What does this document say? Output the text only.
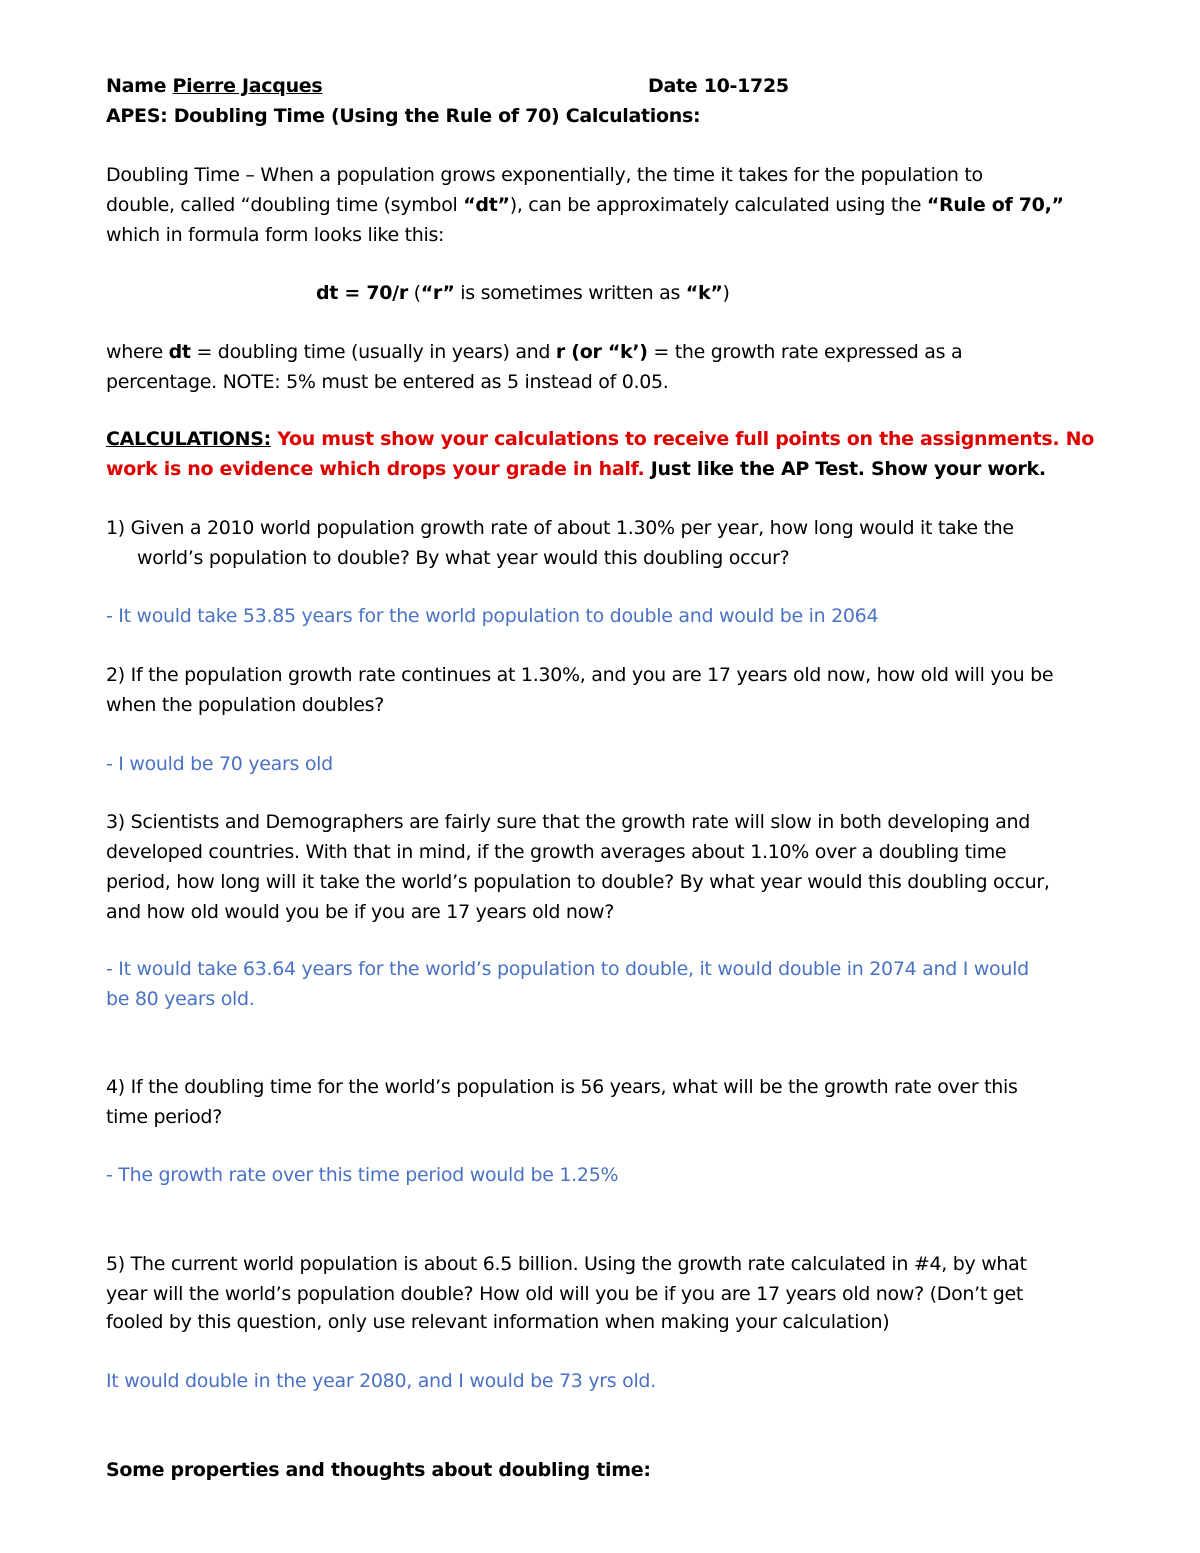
Name Pierre Jacques	Date 10-1725
APES: Doubling Time (Using the Rule of 70) Calculations:
Doubling Time – When a population grows exponentially, the time it takes for the population to
double, called “doubling time (symbol “dt”), can be approximately calculated using the “Rule of 70,”
which in formula form looks like this:
dt = 70/r (“r” is sometimes written as “k”)
where dt = doubling time (usually in years) and r (or “k’) = the growth rate expressed as a
percentage. NOTE: 5% must be entered as 5 instead of 0.05.
CALCULATIONS: You must show your calculations to receive full points on the assignments. No
work is no evidence which drops your grade in half. Just like the AP Test. Show your work.
1) Given a 2010 world population growth rate of about 1.30% per year, how long would it take the
world’s population to double? By what year would this doubling occur?
- It would take 53.85 years for the world population to double and would be in 2064
2) If the population growth rate continues at 1.30%, and you are 17 years old now, how old will you be
when the population doubles?
- I would be 70 years old
3) Scientists and Demographers are fairly sure that the growth rate will slow in both developing and
developed countries. With that in mind, if the growth averages about 1.10% over a doubling time
period, how long will it take the world’s population to double? By what year would this doubling occur,
and how old would you be if you are 17 years old now?
- It would take 63.64 years for the world’s population to double, it would double in 2074 and I would
be 80 years old.
4) If the doubling time for the world’s population is 56 years, what will be the growth rate over this
time period?
- The growth rate over this time period would be 1.25%
5) The current world population is about 6.5 billion. Using the growth rate calculated in #4, by what
year will the world’s population double? How old will you be if you are 17 years old now? (Don’t get
fooled by this question, only use relevant information when making your calculation)
It would double in the year 2080, and I would be 73 yrs old.
Some properties and thoughts about doubling time:
